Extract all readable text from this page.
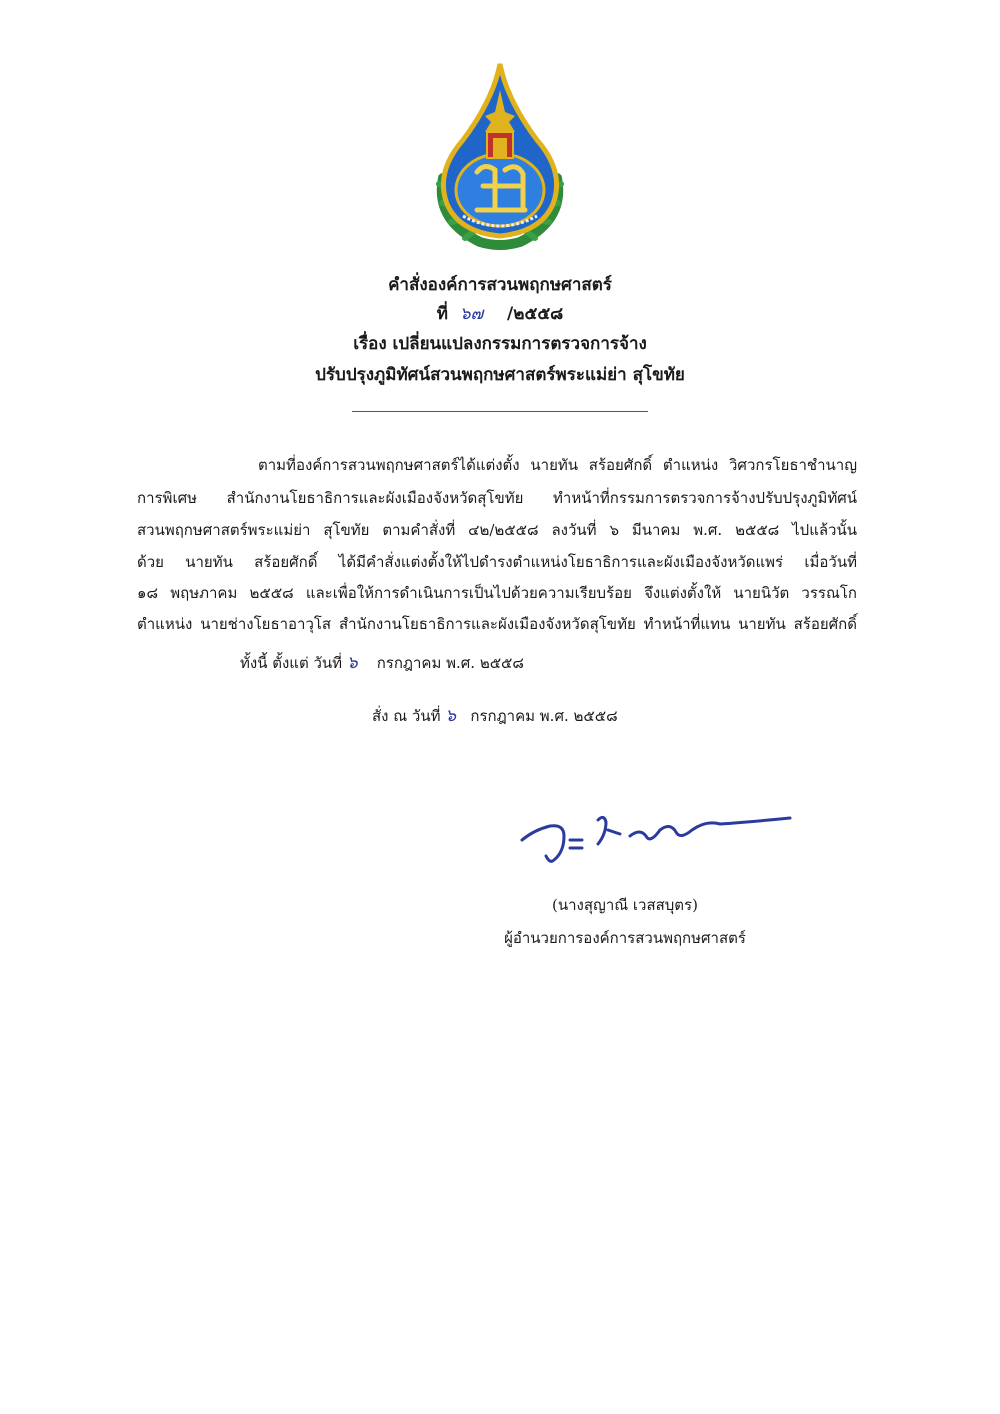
คำสั่งองค์การสวนพฤกษศาสตร์
ที่ ๖๗ /๒๕๕๘
เรื่อง เปลี่ยนแปลงกรรมการตรวจการจ้าง
ปรับปรุงภูมิทัศน์สวนพฤกษศาสตร์พระแม่ย่า สุโขทัย
ตามที่องค์การสวนพฤกษศาสตร์ได้แต่งตั้ง นายทัน สร้อยศักดิ์ ตำแหน่ง วิศวกรโยธาชำนาญ
การพิเศษ สำนักงานโยธาธิการและผังเมืองจังหวัดสุโขทัย ทำหน้าที่กรรมการตรวจการจ้างปรับปรุงภูมิทัศน์
สวนพฤกษศาสตร์พระแม่ย่า สุโขทัย ตามคำสั่งที่ ๔๒/๒๕๕๘ ลงวันที่ ๖ มีนาคม พ.ศ. ๒๕๕๘ ไปแล้วนั้น
ด้วย นายทัน สร้อยศักดิ์ ได้มีคำสั่งแต่งตั้งให้ไปดำรงตำแหน่งโยธาธิการและผังเมืองจังหวัดแพร่ เมื่อวันที่
๑๘ พฤษภาคม ๒๕๕๘ และเพื่อให้การดำเนินการเป็นไปด้วยความเรียบร้อย จึงแต่งตั้งให้ นายนิวัต วรรณโก
ตำแหน่ง นายช่างโยธาอาวุโส สำนักงานโยธาธิการและผังเมืองจังหวัดสุโขทัย ทำหน้าที่แทน นายทัน สร้อยศักดิ์
ทั้งนี้ ตั้งแต่ วันที่ ๖ กรกฎาคม พ.ศ. ๒๕๕๘
สั่ง ณ วันที่ ๖ กรกฎาคม พ.ศ. ๒๕๕๘
(นางสุญาณี เวสสบุตร)
ผู้อำนวยการองค์การสวนพฤกษศาสตร์
